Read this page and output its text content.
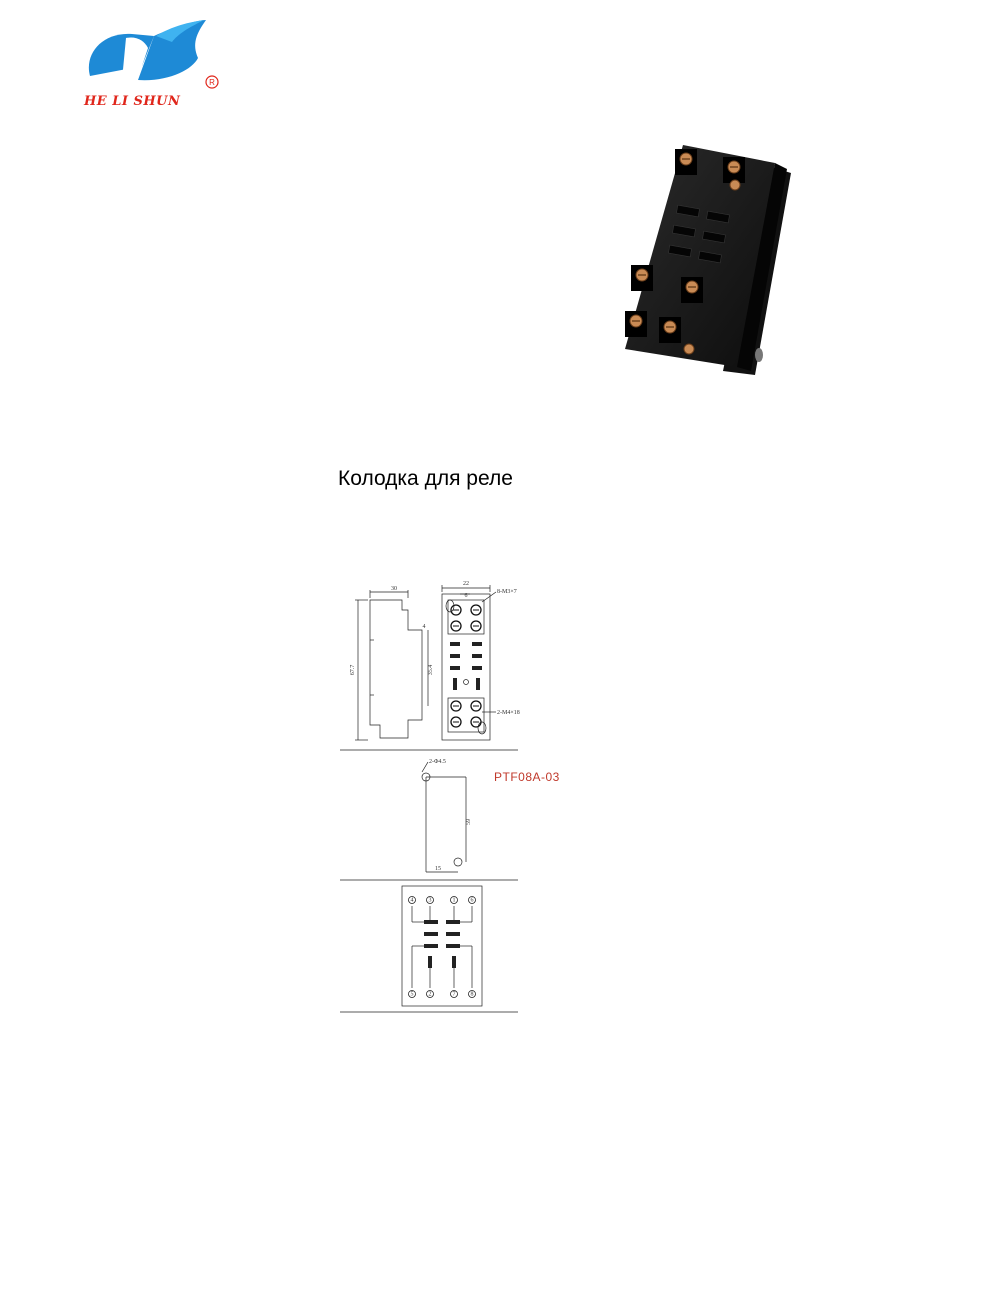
R
HE LI SHUN
Колодка для реле
30
67.7
4
35.4
22
6
8-M3×7
2-M4×18
2-Φ4.5
59
15
4	3	1	6
5	2	7	8
PTF08A-03
